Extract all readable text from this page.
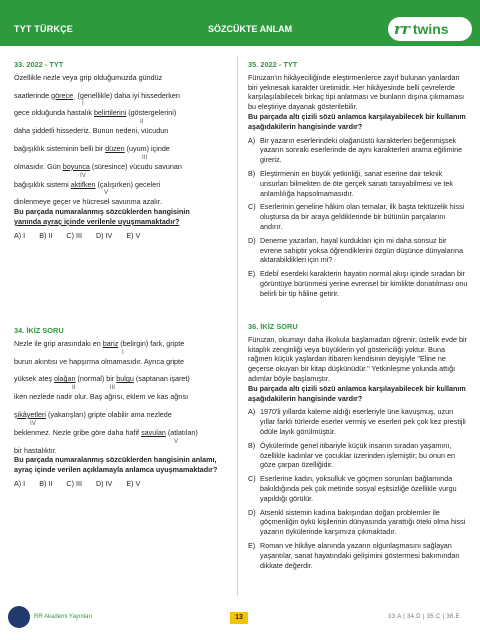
TYT TÜRKÇE	SÖZCÜKTE ANLAM	rr twins
33. 2022 - TYT

Özellikle nezle veya grip olduğumuzda gündüz

saatlerinde göreceˌ (genellikle) daha iyi hissederken

I

gece olduğunda hastalık belirtilerini (göstergelerini)

II

daha şiddetli hissederiz. Bunun nedeni, vücudun

bağışıklık sisteminin belli bir düzen (uyum) içinde

III

olmasıdır. Gün boyunca (süresince) vücudu savunan

IV

bağışıklık sistemi aktifken (çalışırken) geceleri

V

dinlenmeye geçer ve hücresel savunma azalır.

Bu parçada numaralanmış sözcüklerden hangisinin

yanında ayraç içinde verilenle uyuşmamaktadır?

A) I B) II C) III D) IV E) V
35. 2022 - TYT

Füruzan'ın hikâyeciliğinde eleştirmenlerce zayıf bulunan yanlardan biri yeknesak karakter üretimidir. Her hikâyesinde belli çevrelerde karşılaşılabilecek birkaç tipi anlatması ve bunların dışına çıkmaması bu eleştiriye dayanak gösterilebilir.

Bu parçada altı çizili sözü anlamca karşılayabilecek bir kullanım aşağıdakilerin hangisinde vardır?

A) Bir yazarın eserlerindeki olağanüstü karakterleri beğenmişsek yazarın sonraki eserlerinde de aynı karakterleri arama eğilimine gireriz.
B) Eleştirmenin en büyük yetkinliği, sanat eserine dair teknik unsurları bilmekten de öte gerçek sanatı tanıyabilmesi ve tek anlamlılığa hapsolmamasıdır.
C) Eserlerinin geneline hâkim olan temalar, ilk başta tektüzelik hissi oluştursa da bir araya geldiklerinde bir bütünün parçalarını andırır.
D) Deneme yazarları, hayal kurdukları için mi daha sonsuz bir evrene sahiptir yoksa öğrendiklerini özgün düşünce dünyalarına aktarabildikleri için mi?
E) Edebî eserdeki karakterin hayatın normal akışı içinde sıradan bir görüntüye bürünmesi yerine evrensel bir kimlikte donatılması onu belirli bir tip hâline getirir.
34. İKİZ SORU

Nezle ile grip arasındaki en bariz (belirgin) fark, gripte

I

burun akıntısı ve hapşırma olmamasıdır. Ayrıca gripte

yüksek ateş olağan (normal) bir bulgu (saptanan işaret)

II                    III

iken nezlede nadir olur. Baş ağrısı, eklem ve kas ağrısı

şikâyetleri (yakarışları) gripte olabilir ama nezlede

IV

beklenmez. Nezle gribe göre daha hafif savulan (atlatılan)

V

bir hastalıktır.

Bu parçada numaralanmış sözcüklerden hangisinin anlamı, ayraç içinde verilen açıklamayla anlamca uyuşmamaktadır?

A) I B) II C) III D) IV E) V
36. İKİZ SORU

Füruzan, okumayı daha ilkokula başlamadan öğrenir; üstelik evde bir kitaplık zenginliği veya büyüklerin yol göstericiliği yoktur. Buna rağmen küçük yaşlardan itibaren kendisinin deyişiyle "Eline ne geçerse okuyan bir kitap düşkünüdür." Yetkinleşme yolunda attığı adımlar böyle başlamıştır.

Bu parçada altı çizili sözü anlamca karşılayabilecek bir kullanım aşağıdakilerin hangisinde vardır?

A) 1970'li yıllarda kaleme aldığı eserleriyle üne kavuşmuş, uzun yıllar farklı türlerde eserler vermiş ve eserleri pek çok kez prestijli ödüle layık görülmüştür.
B) Öykülerinde genel itibariyle küçük insanın sıradan yaşamını, özellikle kadınlar ve çocuklar üzerinden işlemiştir; bu onun en göze çarpan özelliğidir.
C) Eserlerine kadın, yoksulluk ve göçmen sorunları bağlamında bakıldığında pek çok metinde sosyal eşitsizliğe özellikle vurgu yapıldığı görülür.
D) Atsenkl sistemin kadına bakışından doğan problemler ile göçmenliğin öykü kişilerinin dünyasında yarattığı öteki olma hissi yazarın öykülerinde karşımıza çıkmaktadır.
E) Roman ve hikâye alanında yazarın olgunlaşmasını sağlayan yaşantılar, sanat hayatındaki gelişimini göstermesi bakımından dikkate değerdir.
RR Akademi Yayınları	13	33.A | 34.D | 35.C | 36.E
